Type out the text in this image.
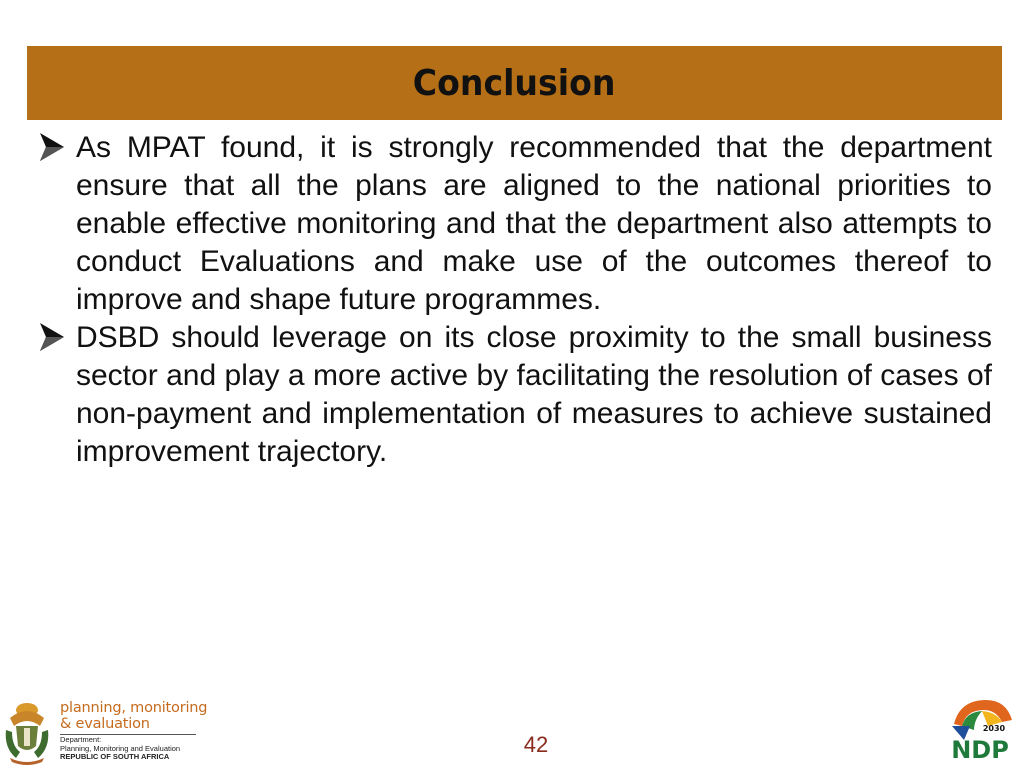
Conclusion
As MPAT found, it is strongly recommended that the department ensure that all the plans are aligned to the national priorities to enable effective monitoring and that the department also attempts to conduct Evaluations and make use of the outcomes thereof to improve and shape future programmes.
DSBD should leverage on its close proximity to the small business sector and play a more active by facilitating the resolution of cases of non-payment and implementation of measures to achieve sustained improvement trajectory.
planning, monitoring
& evaluation
Department:
Planning, Monitoring and Evaluation
REPUBLIC OF SOUTH AFRICA	42
2030
NDP
